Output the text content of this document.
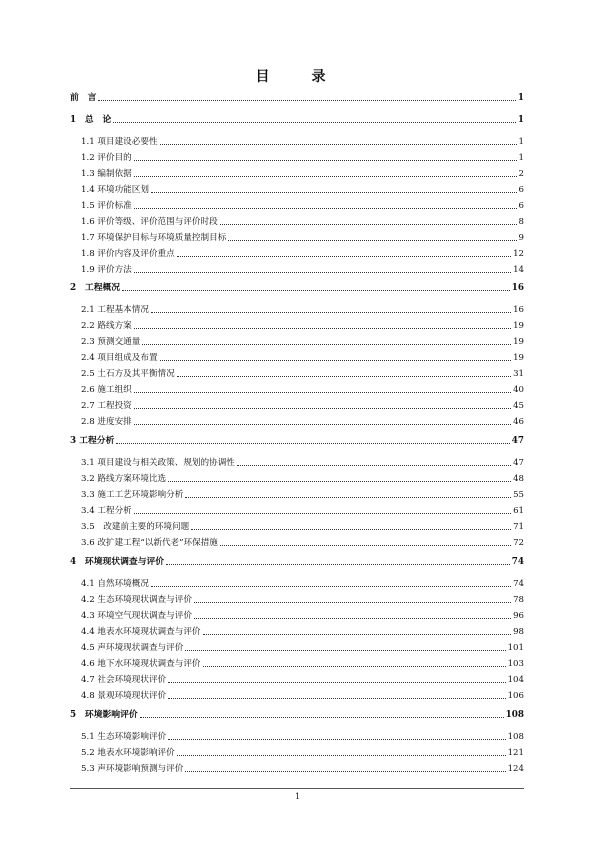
目　录
前　言	1
1　总　论	1
1.1 项目建设必要性	1
1.2 评价目的	1
1.3 编制依据	2
1.4 环境功能区划	6
1.5 评价标准	6
1.6 评价等级、评价范围与评价时段	8
1.7 环境保护目标与环境质量控制目标	9
1.8 评价内容及评价重点	12
1.9 评价方法	14
2　工程概况	16
2.1 工程基本情况	16
2.2 路线方案	19
2.3 预测交通量	19
2.4 项目组成及布置	19
2.5 土石方及其平衡情况	31
2.6 施工组织	40
2.7 工程投资	45
2.8 进度安排	46
3 工程分析	47
3.1 项目建设与相关政策、规划的协调性	47
3.2 路线方案环境比选	48
3.3 施工工艺环境影响分析	55
3.4 工程分析	61
3.5　改建前主要的环境问题	71
3.6 改扩建工程“以新代老”环保措施	72
4　环境现状调查与评价	74
4.1 自然环境概况	74
4.2 生态环境现状调查与评价	78
4.3 环境空气现状调查与评价	96
4.4 地表水环境现状调查与评价	98
4.5 声环境现状调查与评价	101
4.6 地下水环境现状调查与评价	103
4.7 社会环境现状评价	104
4.8 景观环境现状评价	106
5　环境影响评价	108
5.1 生态环境影响评价	108
5.2 地表水环境影响评价	121
5.3 声环境影响预测与评价	124
1
